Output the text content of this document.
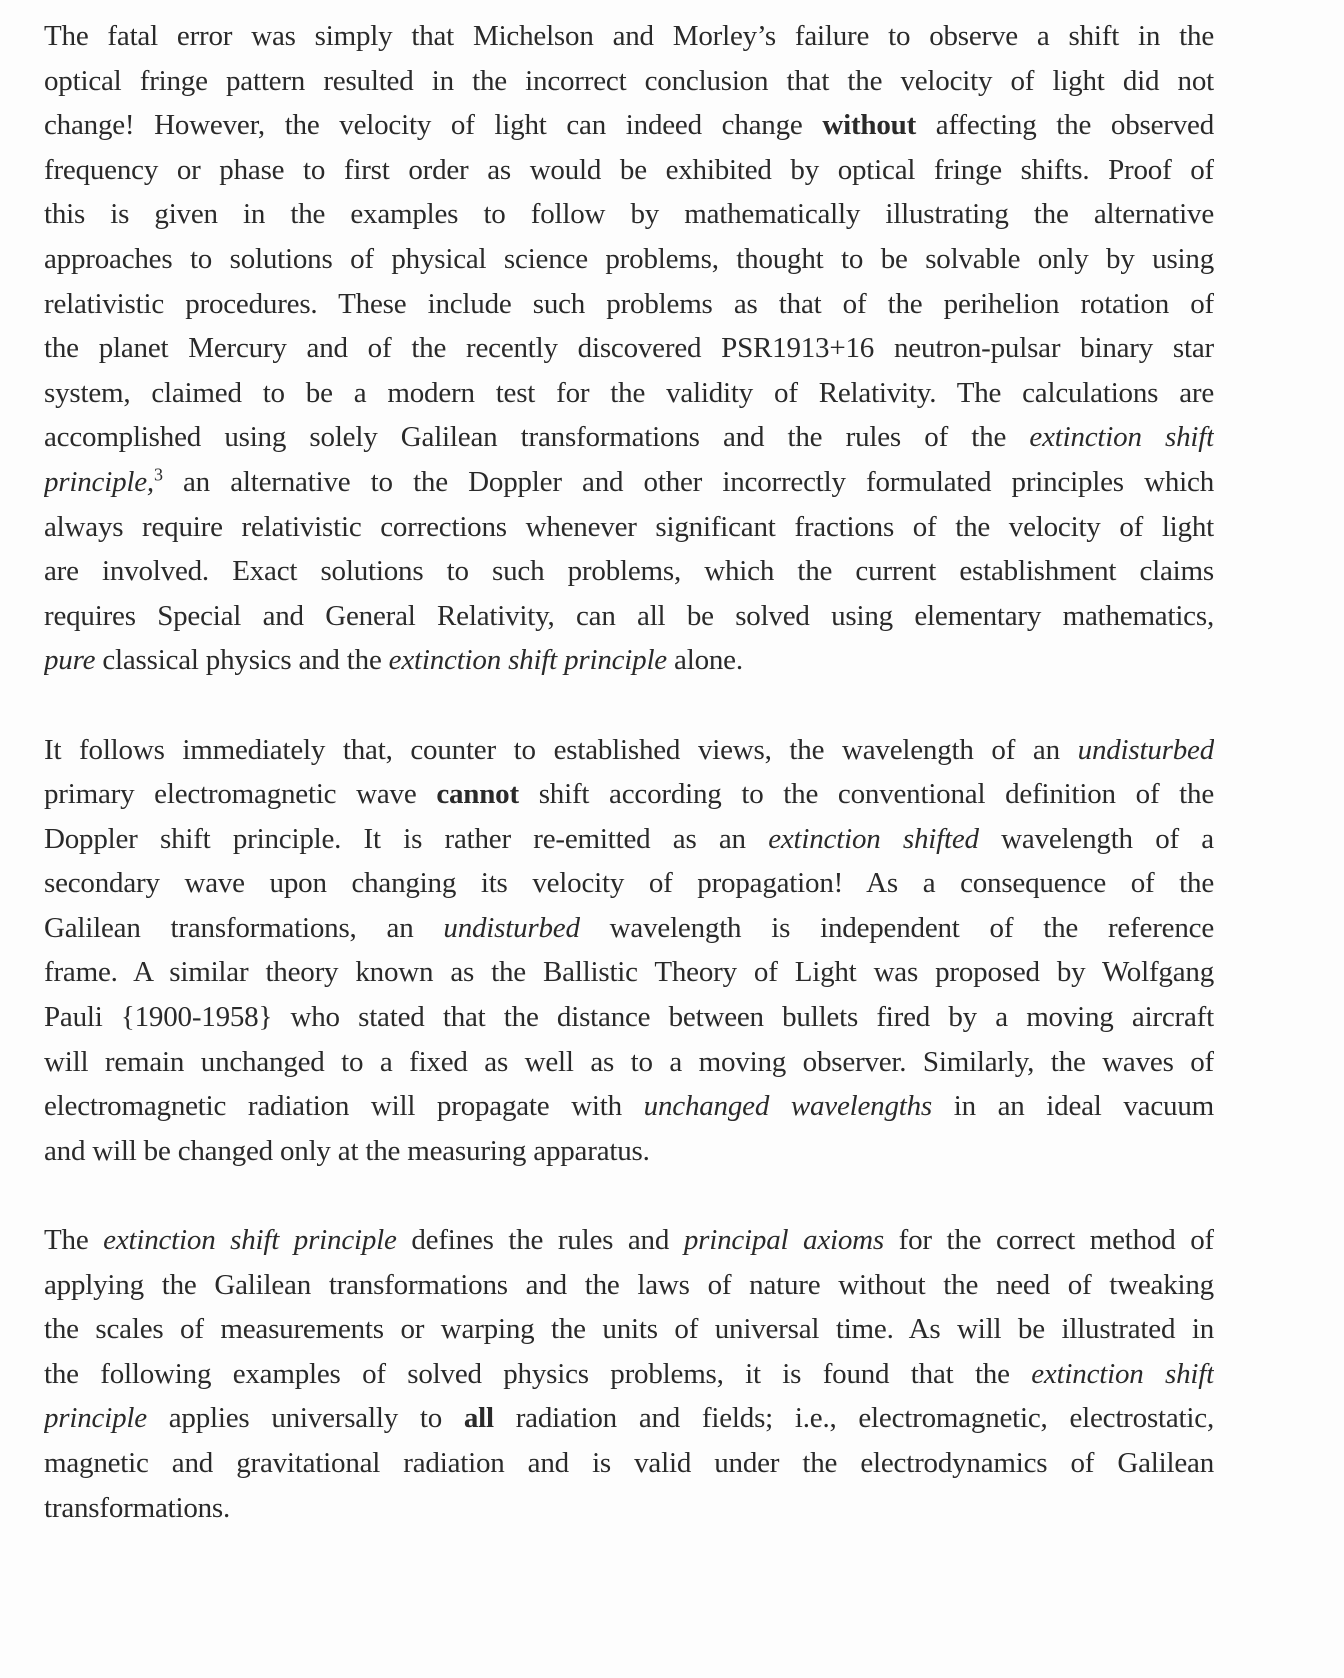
The fatal error was simply that Michelson and Morley’s failure to observe a shift in the
optical fringe pattern resulted in the incorrect conclusion that the velocity of light did not
change! However, the velocity of light can indeed change without affecting the observed
frequency or phase to first order as would be exhibited by optical fringe shifts. Proof of
this is given in the examples to follow by mathematically illustrating the alternative
approaches to solutions of physical science problems, thought to be solvable only by using
relativistic procedures. These include such problems as that of the perihelion rotation of
the planet Mercury and of the recently discovered PSR1913+16 neutron-pulsar binary star
system, claimed to be a modern test for the validity of Relativity. The calculations are
accomplished using solely Galilean transformations and the rules of the extinction shift
principle,$^3$ an alternative to the Doppler and other incorrectly formulated principles which
always require relativistic corrections whenever significant fractions of the velocity of light
are involved. Exact solutions to such problems, which the current establishment claims
requires Special and General Relativity, can all be solved using elementary mathematics,
pure classical physics and the extinction shift principle alone.
It follows immediately that, counter to established views, the wavelength of an undisturbed
primary electromagnetic wave cannot shift according to the conventional definition of the
Doppler shift principle. It is rather re-emitted as an extinction shifted wavelength of a
secondary wave upon changing its velocity of propagation! As a consequence of the
Galilean transformations, an undisturbed wavelength is independent of the reference
frame. A similar theory known as the Ballistic Theory of Light was proposed by Wolfgang
Pauli {1900-1958} who stated that the distance between bullets fired by a moving aircraft
will remain unchanged to a fixed as well as to a moving observer. Similarly, the waves of
electromagnetic radiation will propagate with unchanged wavelengths in an ideal vacuum
and will be changed only at the measuring apparatus.
The extinction shift principle defines the rules and principal axioms for the correct method of
applying the Galilean transformations and the laws of nature without the need of tweaking
the scales of measurements or warping the units of universal time. As will be illustrated in
the following examples of solved physics problems, it is found that the extinction shift
principle applies universally to all radiation and fields; i.e., electromagnetic, electrostatic,
magnetic and gravitational radiation and is valid under the electrodynamics of Galilean
transformations.
